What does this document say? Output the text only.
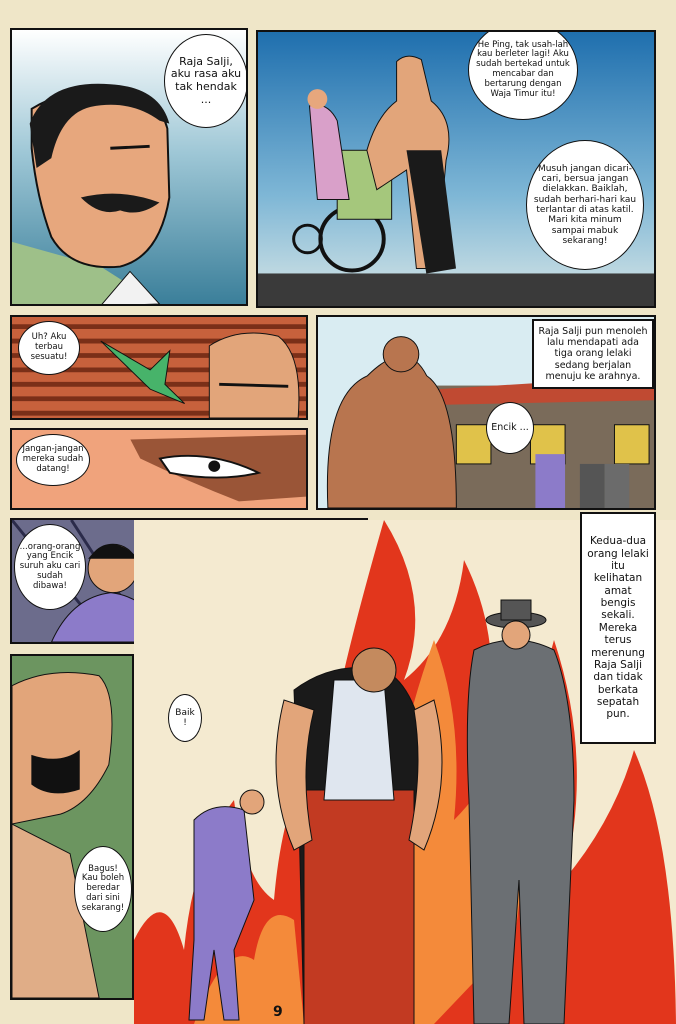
Raja Salji, aku rasa aku tak hendak ...
He Ping, tak usah-lah kau berleter lagi! Aku sudah bertekad untuk mencabar dan bertarung dengan Waja Timur itu!
Musuh jangan dicari-cari, bersua jangan dielakkan. Baiklah, sudah berhari-hari kau terlantar di atas katil. Mari kita minum sampai mabuk sekarang!
Uh? Aku terbau sesuatu!
Jangan-jangan mereka sudah datang!
Raja Salji pun menoleh lalu mendapati ada tiga orang lelaki sedang berjalan menuju ke arahnya.
Encik ...
...orang-orang yang Encik suruh aku cari sudah dibawa!
Bagus! Kau boleh beredar dari sini sekarang!
Baik !
Kedua-dua orang lelaki itu kelihatan amat bengis sekali. Mereka terus merenung Raja Salji dan tidak berkata sepatah pun.
9
